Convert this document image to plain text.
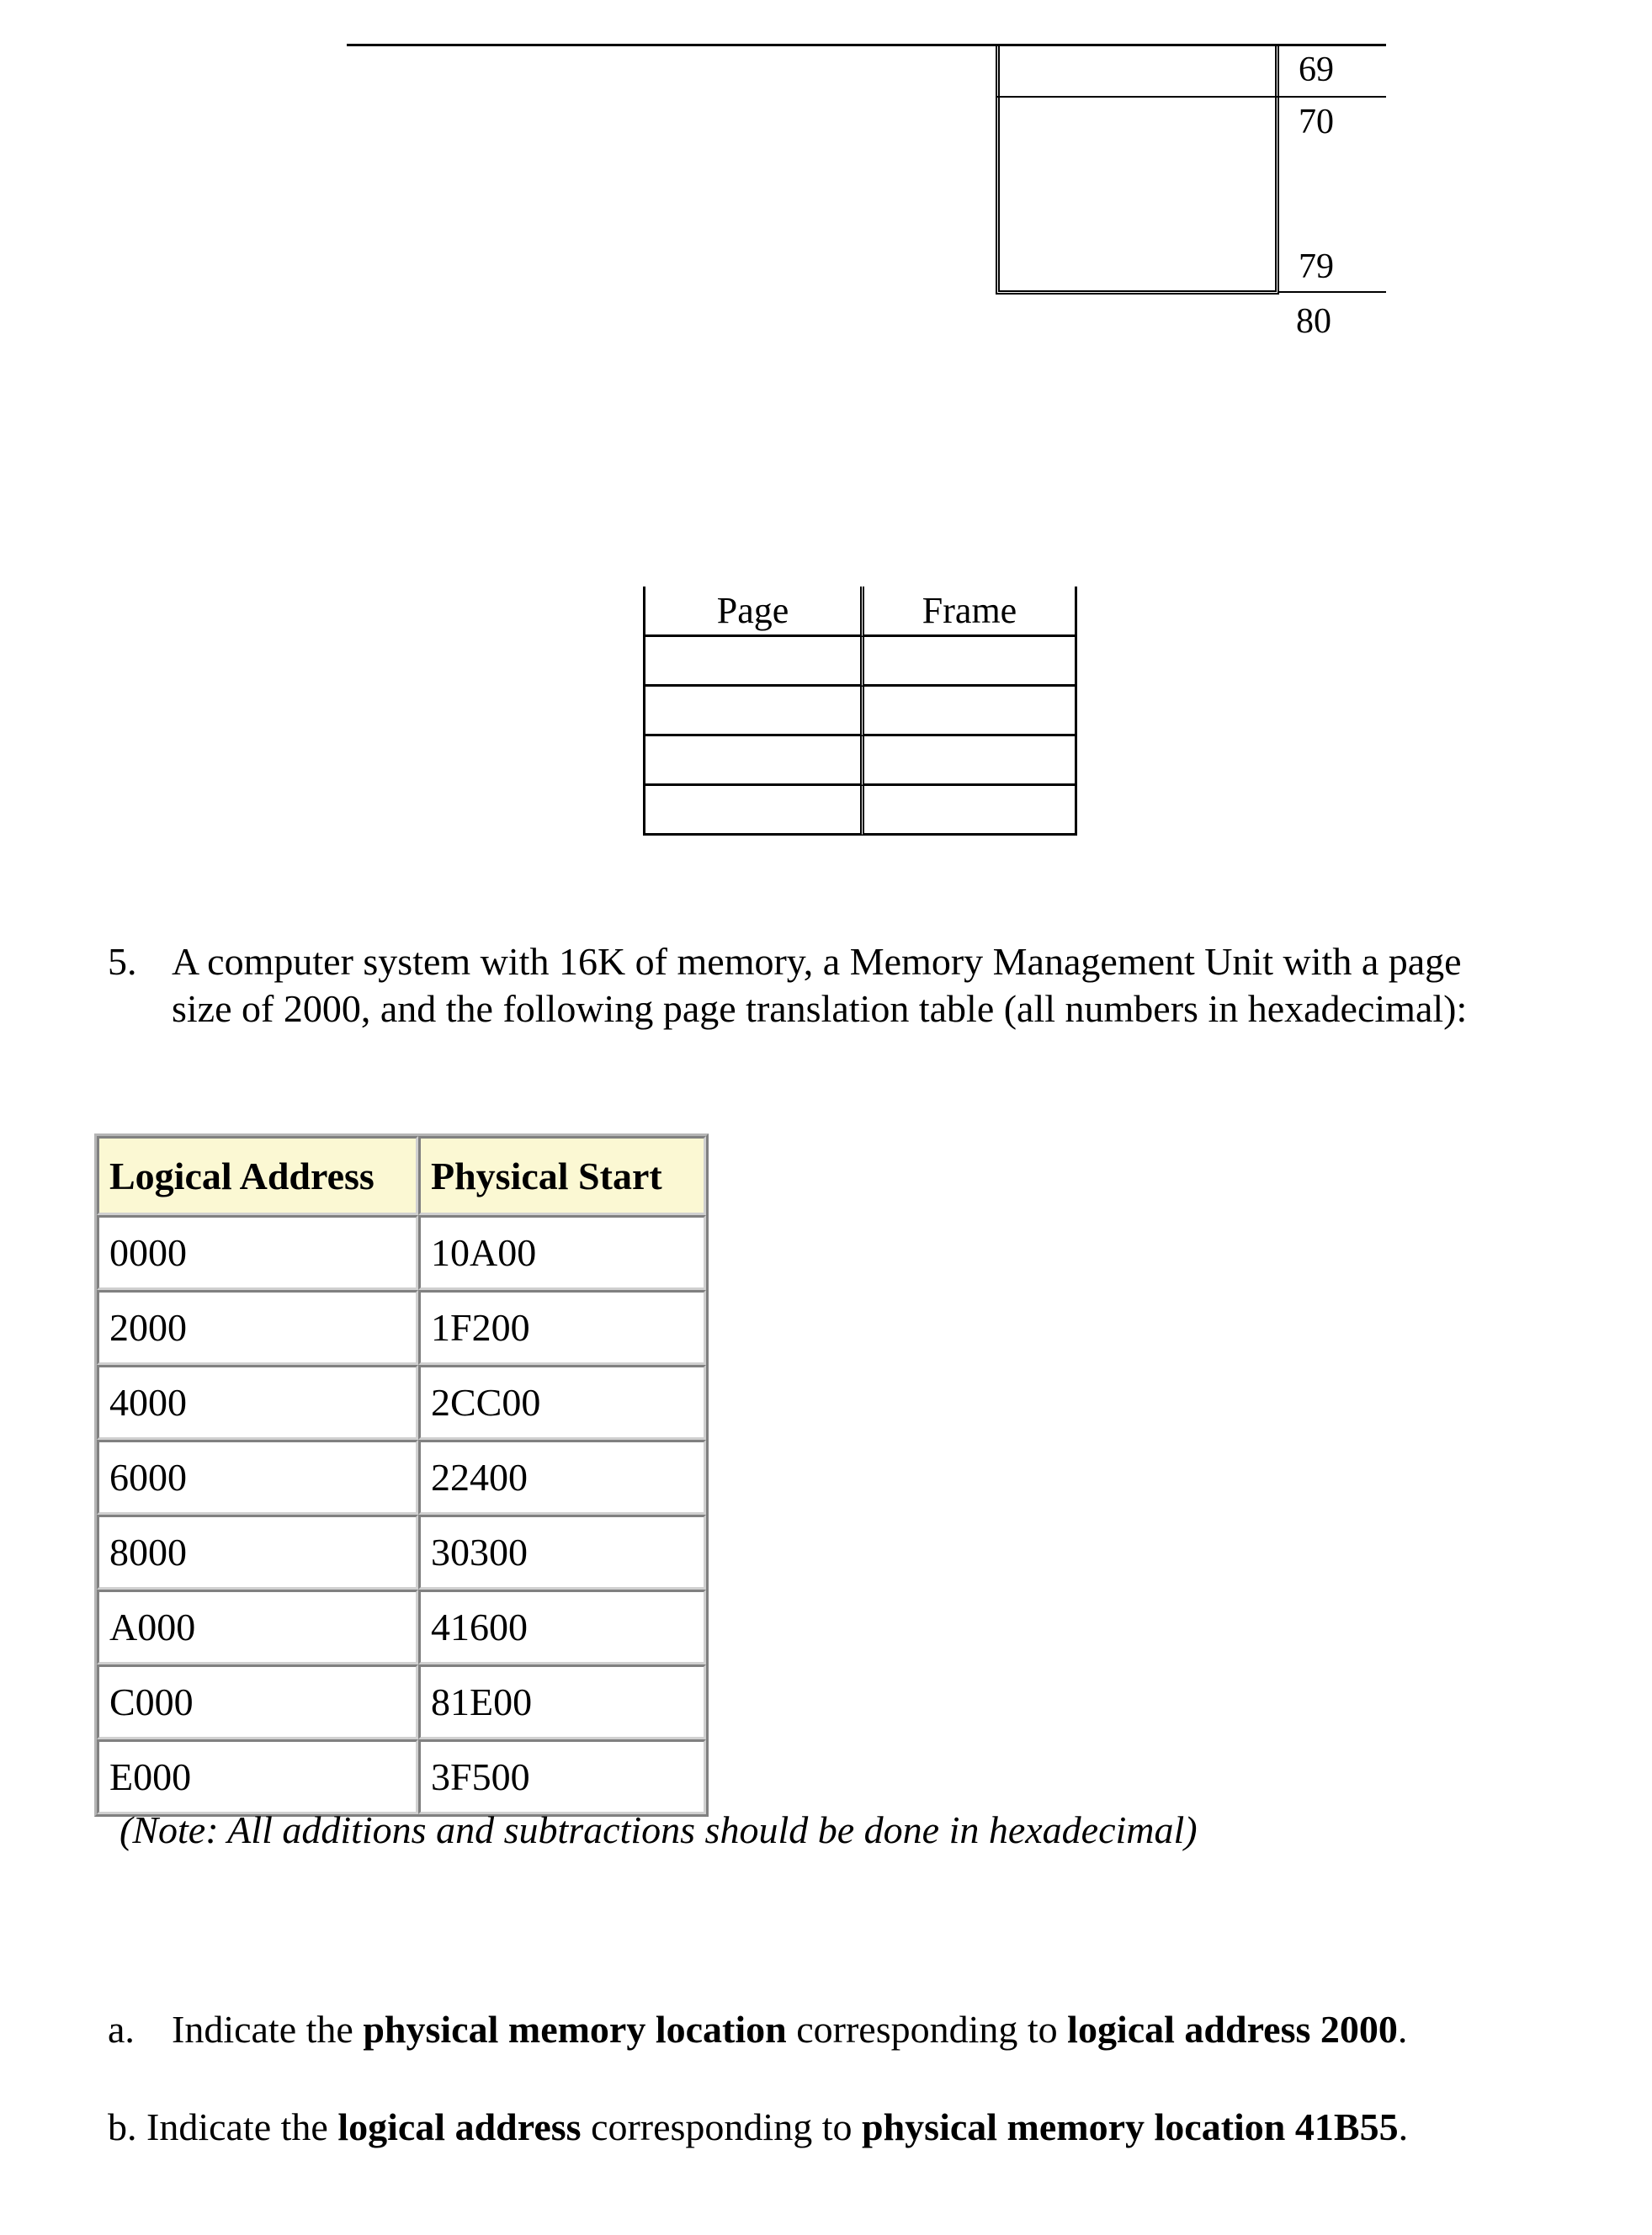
69
70
79
80
Page	Frame

5. A computer system with 16K of memory, a Memory Management Unit with a page
size of 2000, and the following page translation table (all numbers in hexadecimal):
Logical Address	Physical Start
0000	10A00
2000	1F200
4000	2CC00
6000	22400
8000	30300
A000	41600
C000	81E00
E000	3F500
(Note: All additions and subtractions should be done in hexadecimal)
a. Indicate the physical memory location corresponding to logical address 2000.
b. Indicate the logical address corresponding to physical memory location 41B55.
